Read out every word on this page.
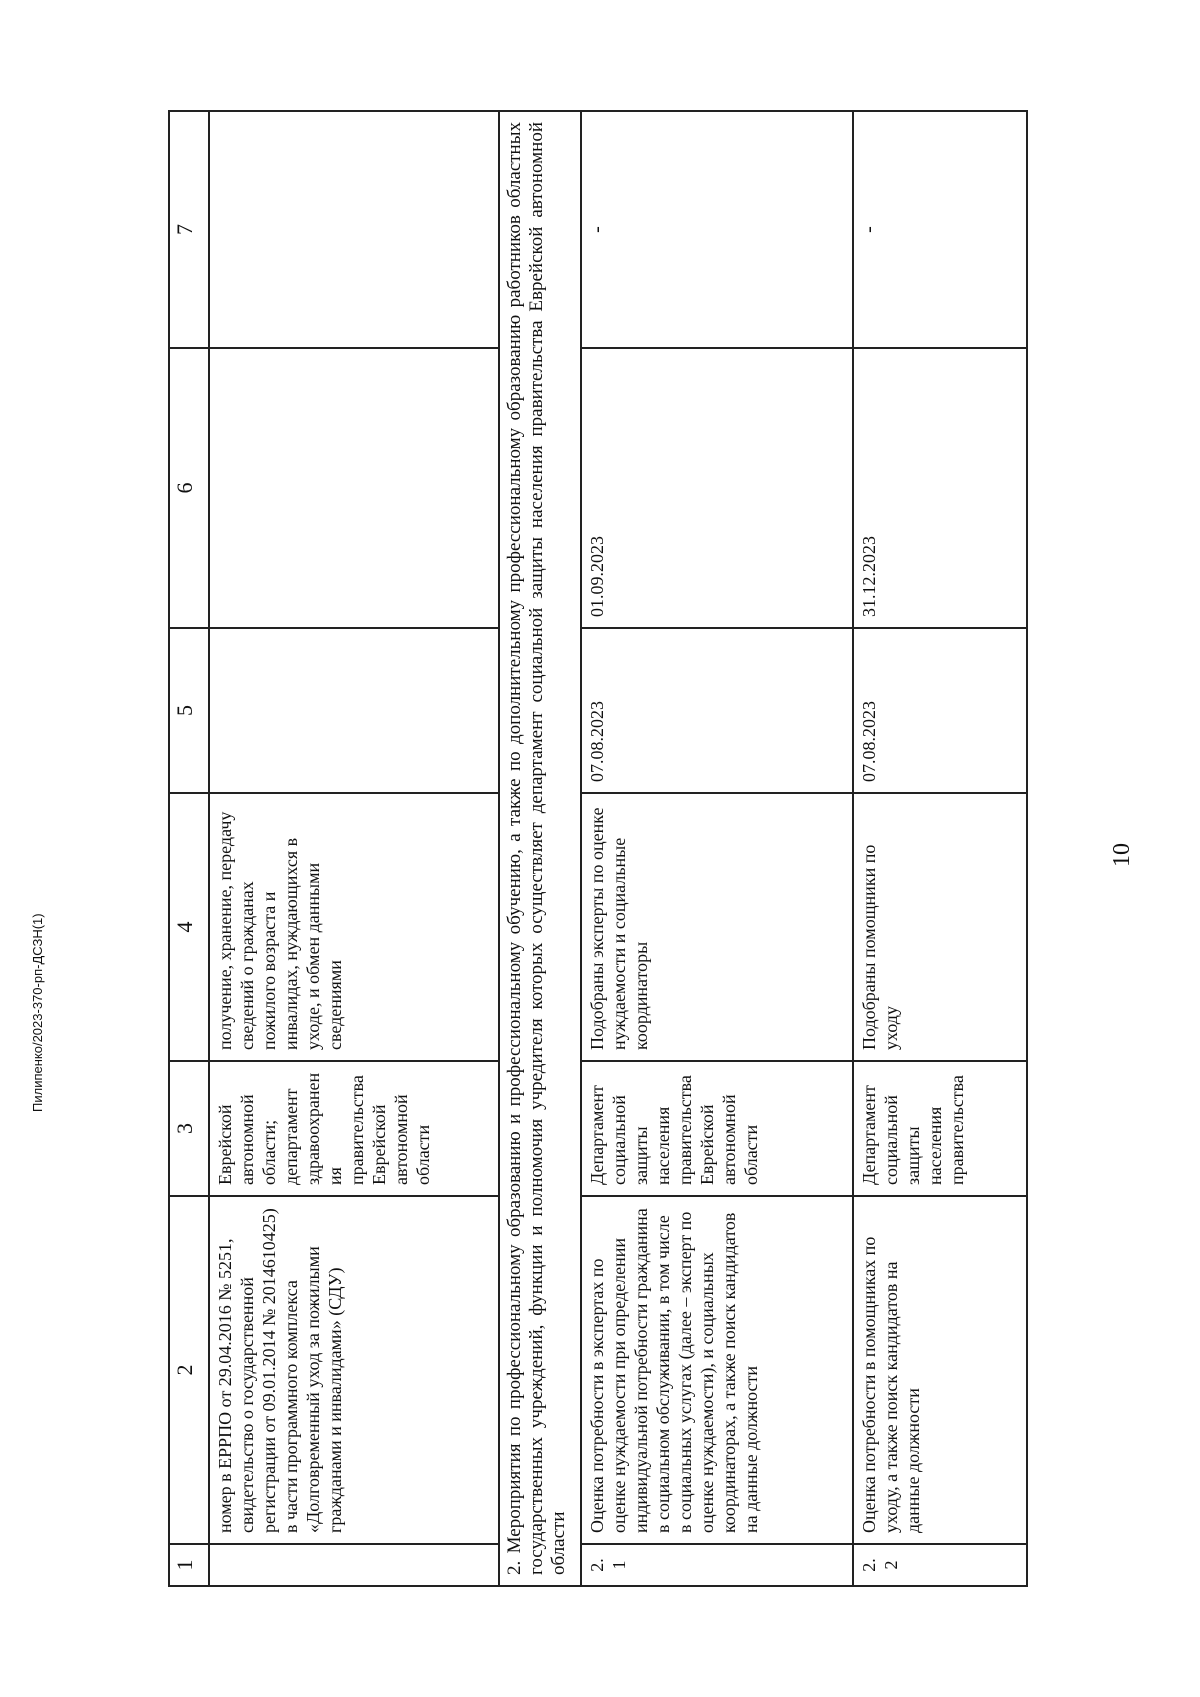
10
Пилипенко/2023-370-рп-ДСЗН(1)
1	2	3	4	5	6	7
	номер в ЕРРПО от 29.04.2016 № 5251, свидетельство о государственной регистрации от 09.01.2014 № 2014610425) в части программного комплекса «Долговременный уход за пожилыми гражданами и инвалидами» (СДУ)	Еврейской автономной области; департамент здравоохранения правительства Еврейской автономной области	получение, хранение, передачу сведений о гражданах пожилого возраста и инвалидах, нуждающихся в уходе, и обмен данными сведениями			
2. Мероприятия по профессиональному образованию и профессиональному обучению, а также по дополнительному профессиональному образованию работников областных государственных учреждений, функции и полномочия учредителя которых осуществляет департамент социальной защиты населения правительства Еврейской автономной области						
2.1	Оценка потребности в экспертах по оценке нуждаемости при определении индивидуальной потребности гражданина в социальном обслуживании, в том числе в социальных услугах (далее – эксперт по оценке нуждаемости), и социальных координаторах, а также поиск кандидатов на данные должности	Департамент социальной защиты населения правительства Еврейской автономной области	Подобраны эксперты по оценке нуждаемости и социальные координаторы	07.08.2023	01.09.2023	-
2.2	Оценка потребности в помощниках по уходу, а также поиск кандидатов на данные должности	Департамент социальной защиты населения правительства	Подобраны помощники по уходу	07.08.2023	31.12.2023	-
